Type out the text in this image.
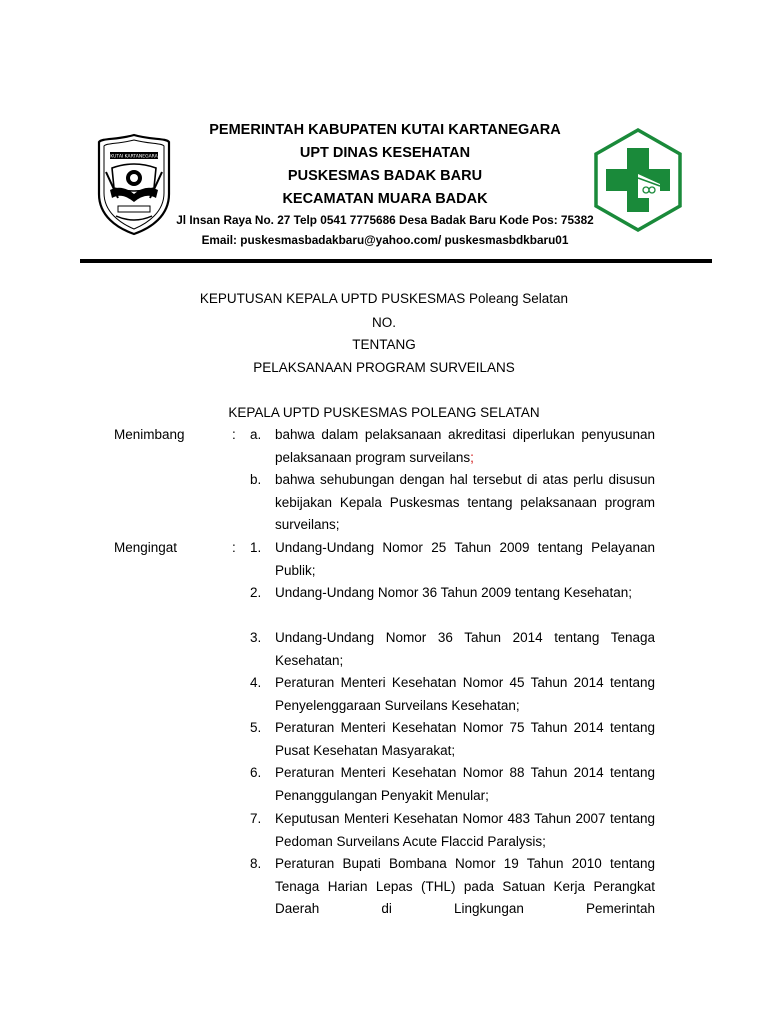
KUTAI KARTANEGARA
PEMERINTAH KABUPATEN KUTAI KARTANEGARA
UPT DINAS KESEHATAN
PUSKESMAS BADAK BARU
KECAMATAN MUARA BADAK
Jl Insan Raya No. 27 Telp 0541 7775686 Desa Badak Baru Kode Pos: 75382
Email: puskesmasbadakbaru@yahoo.com/ puskesmasbdkbaru01
KEPUTUSAN KEPALA UPTD PUSKESMAS Poleang Selatan
NO.
TENTANG
PELAKSANAAN PROGRAM SURVEILANS
KEPALA UPTD PUSKESMAS POLEANG SELATAN
Menimbang	: a.	bahwa dalam pelaksanaan akreditasi diperlukan penyusunan pelaksanaan program surveilans;
b.	bahwa sehubungan dengan hal tersebut di atas perlu disusun kebijakan Kepala Puskesmas tentang pelaksanaan program surveilans;
Mengingat	: 1.	Undang-Undang Nomor 25 Tahun 2009 tentang Pelayanan Publik;
2.	Undang-Undang Nomor 36 Tahun 2009 tentang Kesehatan;
3.	Undang-Undang Nomor 36 Tahun 2014 tentang Tenaga Kesehatan;
4.	Peraturan Menteri Kesehatan Nomor 45 Tahun 2014 tentang Penyelenggaraan Surveilans Kesehatan;
5.	Peraturan Menteri Kesehatan Nomor 75 Tahun 2014 tentang Pusat Kesehatan Masyarakat;
6.	Peraturan Menteri Kesehatan Nomor 88 Tahun 2014 tentang Penanggulangan Penyakit Menular;
7.	Keputusan Menteri Kesehatan Nomor 483 Tahun 2007 tentang Pedoman Surveilans Acute Flaccid Paralysis;
8.	Peraturan Bupati Bombana Nomor 19 Tahun 2010 tentang Tenaga Harian Lepas (THL) pada Satuan Kerja Perangkat Daerah di Lingkungan Pemerintah
